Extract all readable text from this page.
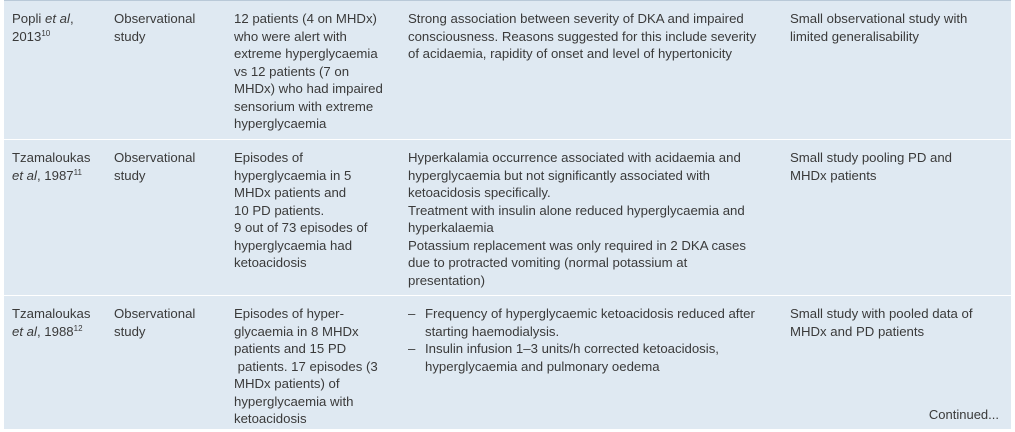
Popli et al,
2013$^{10}$
Observational
study
12 patients (4 on MHDx)
who were alert with
extreme hyperglycaemia
vs 12 patients (7 on
MHDx) who had impaired
sensorium with extreme
hyperglycaemia
Strong association between severity of DKA and impaired
consciousness. Reasons suggested for this include severity
of acidaemia, rapidity of onset and level of hypertonicity
Small observational study with
limited generalisability
Tzamaloukas
et al, 1987$^{11}$
Observational
study
Episodes of
hyperglycaemia in 5
MHDx patients and
10 PD patients.
9 out of 73 episodes of
hyperglycaemia had
ketoacidosis
Hyperkalamia occurrence associated with acidaemia and
hyperglycaemia but not significantly associated with
ketoacidosis specifically.
Treatment with insulin alone reduced hyperglycaemia and
hyperkalaemia
Potassium replacement was only required in 2 DKA cases
due to protracted vomiting (normal potassium at
presentation)
Small study pooling PD and
MHDx patients
Tzamaloukas
et al, 1988$^{12}$
Observational
study
Episodes of hyper-
glycaemia in 8 MHDx
patients and 15 PD
patients. 17 episodes (3
MHDx patients) of
hyperglycaemia with
ketoacidosis
– Frequency of hyperglycaemic ketoacidosis reduced after
starting haemodialysis.
– Insulin infusion 1–3 units/h corrected ketoacidosis,
hyperglycaemia and pulmonary oedema
Small study with pooled data of
MHDx and PD patients
Continued...
